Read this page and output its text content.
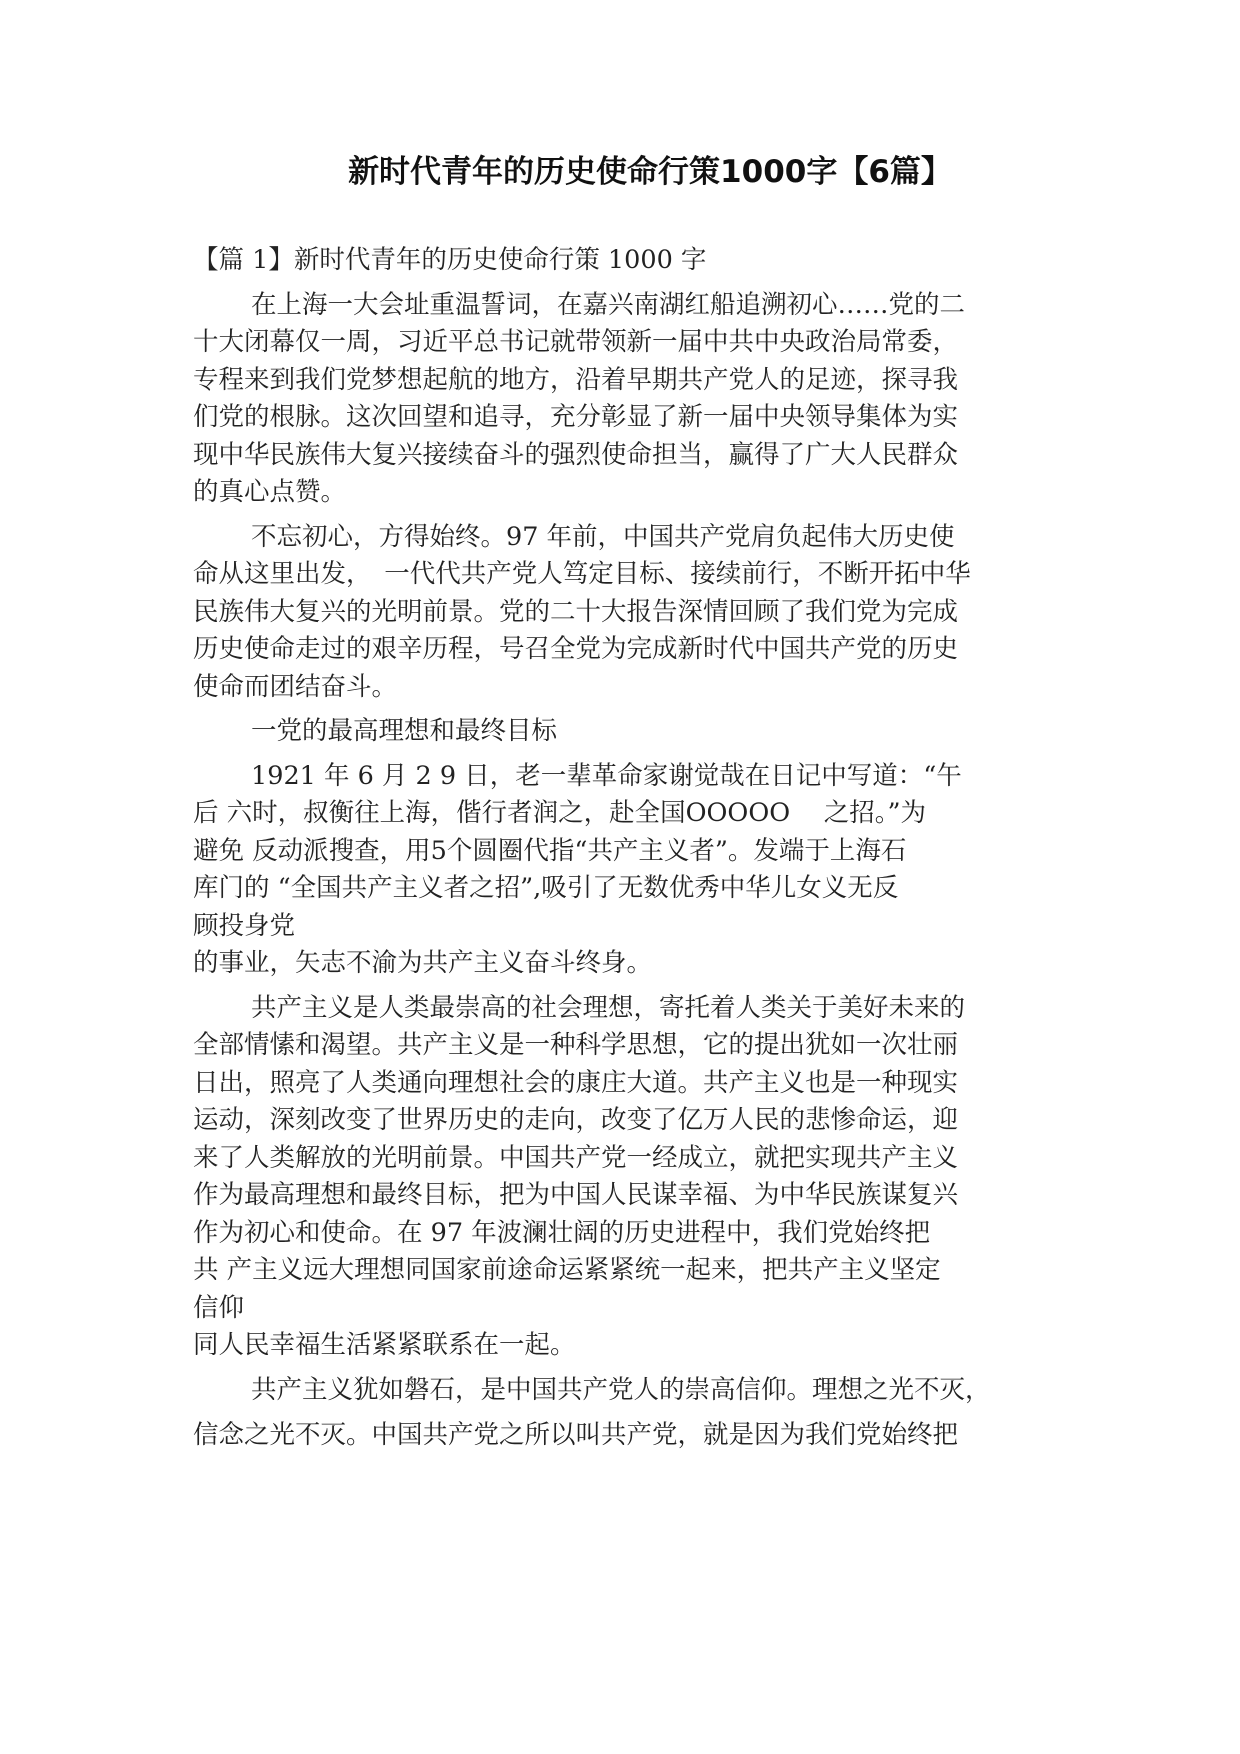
新时代青年的历史使命行策1000字【6篇】

【篇 1】新时代青年的历史使命行策 1000 字

在上海一大会址重温誓词，在嘉兴南湖红船追溯初心……党的二
十大闭幕仅一周，习近平总书记就带领新一届中共中央政治局常委，
专程来到我们党梦想起航的地方，沿着早期共产党人的足迹，探寻我
们党的根脉。这次回望和追寻，充分彰显了新一届中央领导集体为实
现中华民族伟大复兴接续奋斗的强烈使命担当，赢得了广大人民群众
的真心点赞。
不忘初心，方得始终。97 年前，中国共产党肩负起伟大历史使
命从这里出发，　一代代共产党人笃定目标、接续前行，不断开拓中华
民族伟大复兴的光明前景。党的二十大报告深情回顾了我们党为完成
历史使命走过的艰辛历程，号召全党为完成新时代中国共产党的历史
使命而团结奋斗。
一党的最高理想和最终目标
1921 年 6 月 2 9 日，老一辈革命家谢觉哉在日记中写道：“午
后 六时，叔衡往上海，偕行者润之，赴全国OOOOO　 之招。”为
避免 反动派搜查，用5个圆圈代指“共产主义者”。发端于上海石
库门的 “全国共产主义者之招”,吸引了无数优秀中华儿女义无反
顾投身党
的事业，矢志不渝为共产主义奋斗终身。
共产主义是人类最崇高的社会理想，寄托着人类关于美好未来的
全部情愫和渴望。共产主义是一种科学思想，它的提出犹如一次壮丽
日出，照亮了人类通向理想社会的康庄大道。共产主义也是一种现实
运动，深刻改变了世界历史的走向，改变了亿万人民的悲惨命运，迎
来了人类解放的光明前景。中国共产党一经成立，就把实现共产主义
作为最高理想和最终目标，把为中国人民谋幸福、为中华民族谋复兴
作为初心和使命。在 97 年波澜壮阔的历史进程中，我们党始终把
共 产主义远大理想同国家前途命运紧紧统一起来，把共产主义坚定
信仰
同人民幸福生活紧紧联系在一起。
共产主义犹如磐石，是中国共产党人的崇高信仰。理想之光不灭，
信念之光不灭。中国共产党之所以叫共产党，就是因为我们党始终把
